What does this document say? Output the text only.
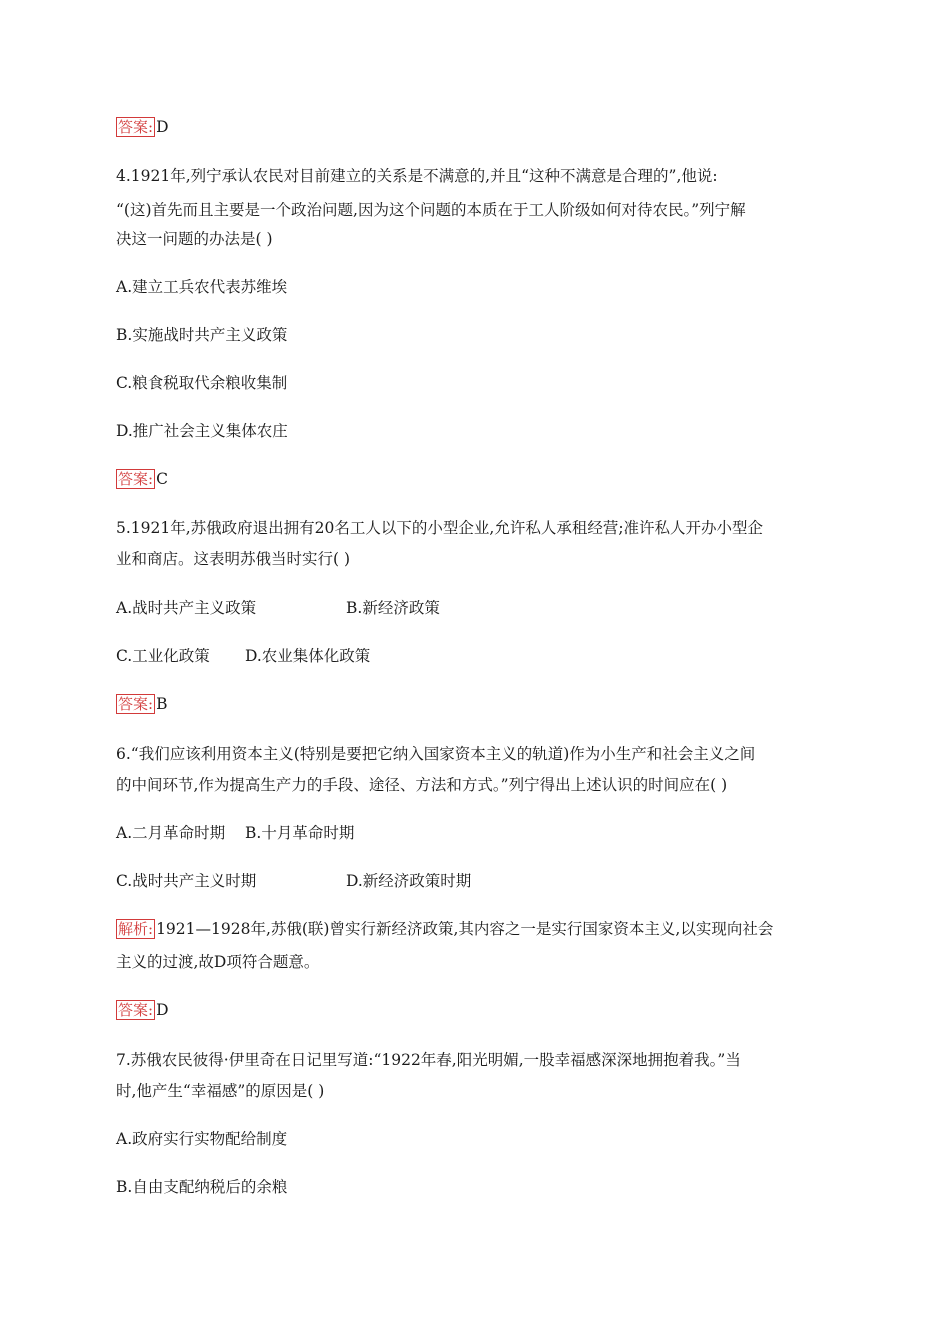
答案: D
4.1921年,列宁承认农民对目前建立的关系是不满意的,并且“这种不满意是合理的”,他说:
“(这)首先而且主要是一个政治问题,因为这个问题的本质在于工人阶级如何对待农民。”列宁解
决这一问题的办法是( )
A.建立工兵农代表苏维埃
B.实施战时共产主义政策
C.粮食税取代余粮收集制
D.推广社会主义集体农庄
答案: C
5.1921年,苏俄政府退出拥有20名工人以下的小型企业,允许私人承租经营;准许私人开办小型企
业和商店。这表明苏俄当时实行( )
A.战时共产主义政策	B.新经济政策
C.工业化政策 D.农业集体化政策
答案: B
6.“我们应该利用资本主义(特别是要把它纳入国家资本主义的轨道)作为小生产和社会主义之间
的中间环节,作为提高生产力的手段、途径、方法和方式。”列宁得出上述认识的时间应在( )
A.二月革命时期 B.十月革命时期
C.战时共产主义时期	D.新经济政策时期
解析: 1921—1928年,苏俄(联)曾实行新经济政策,其内容之一是实行国家资本主义,以实现向社会
主义的过渡,故D项符合题意。
答案: D
7.苏俄农民彼得·伊里奇在日记里写道:“1922年春,阳光明媚,一股幸福感深深地拥抱着我。”当
时,他产生“幸福感”的原因是( )
A.政府实行实物配给制度
B.自由支配纳税后的余粮
